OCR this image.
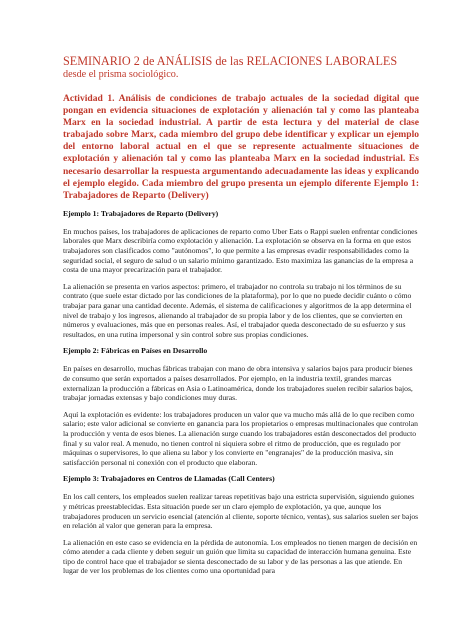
SEMINARIO 2 de ANÁLISIS de las RELACIONES LABORALES

desde el prisma sociológico.

Actividad 1. Análisis de condiciones de trabajo actuales de la sociedad digital que pongan en evidencia situaciones de explotación y alienación tal y como las planteaba Marx en la sociedad industrial. A partir de esta lectura y del material de clase trabajado sobre Marx, cada miembro del grupo debe identificar y explicar un ejemplo del entorno laboral actual en el que se represente actualmente situaciones de explotación y alienación tal y como las planteaba Marx en la sociedad industrial. Es necesario desarrollar la respuesta argumentando adecuadamente las ideas y explicando el ejemplo elegido. Cada miembro del grupo presenta un ejemplo diferente Ejemplo 1: Trabajadores de Reparto (Delivery)

Ejemplo 1: Trabajadores de Reparto (Delivery)

En muchos países, los trabajadores de aplicaciones de reparto como Uber Eats o Rappi suelen enfrentar condiciones laborales que Marx describiría como explotación y alienación. La explotación se observa en la forma en que estos trabajadores son clasificados como "autónomos", lo que permite a las empresas evadir responsabilidades como la seguridad social, el seguro de salud o un salario mínimo garantizado. Esto maximiza las ganancias de la empresa a costa de una mayor precarización para el trabajador.

La alienación se presenta en varios aspectos: primero, el trabajador no controla su trabajo ni los términos de su contrato (que suele estar dictado por las condiciones de la plataforma), por lo que no puede decidir cuánto o cómo trabajar para ganar una cantidad decente. Además, el sistema de calificaciones y algoritmos de la app determina el nivel de trabajo y los ingresos, alienando al trabajador de su propia labor y de los clientes, que se convierten en números y evaluaciones, más que en personas reales. Así, el trabajador queda desconectado de su esfuerzo y sus resultados, en una rutina impersonal y sin control sobre sus propias condiciones.

Ejemplo 2: Fábricas en Países en Desarrollo

En países en desarrollo, muchas fábricas trabajan con mano de obra intensiva y salarios bajos para producir bienes de consumo que serán exportados a países desarrollados. Por ejemplo, en la industria textil, grandes marcas externalizan la producción a fábricas en Asia o Latinoamérica, donde los trabajadores suelen recibir salarios bajos, trabajar jornadas extensas y bajo condiciones muy duras.

Aquí la explotación es evidente: los trabajadores producen un valor que va mucho más allá de lo que reciben como salario; este valor adicional se convierte en ganancia para los propietarios o empresas multinacionales que controlan la producción y venta de esos bienes. La alienación surge cuando los trabajadores están desconectados del producto final y su valor real. A menudo, no tienen control ni siquiera sobre el ritmo de producción, que es regulado por máquinas o supervisores, lo que aliena su labor y los convierte en "engranajes" de la producción masiva, sin satisfacción personal ni conexión con el producto que elaboran.

Ejemplo 3: Trabajadores en Centros de Llamadas (Call Centers)

En los call centers, los empleados suelen realizar tareas repetitivas bajo una estricta supervisión, siguiendo guiones y métricas preestablecidas. Esta situación puede ser un claro ejemplo de explotación, ya que, aunque los trabajadores producen un servicio esencial (atención al cliente, soporte técnico, ventas), sus salarios suelen ser bajos en relación al valor que generan para la empresa.

La alienación en este caso se evidencia en la pérdida de autonomía. Los empleados no tienen margen de decisión en cómo atender a cada cliente y deben seguir un guión que limita su capacidad de interacción humana genuina. Este tipo de control hace que el trabajador se sienta desconectado de su labor y de las personas a las que atiende. En lugar de ver los problemas de los clientes como una oportunidad para
